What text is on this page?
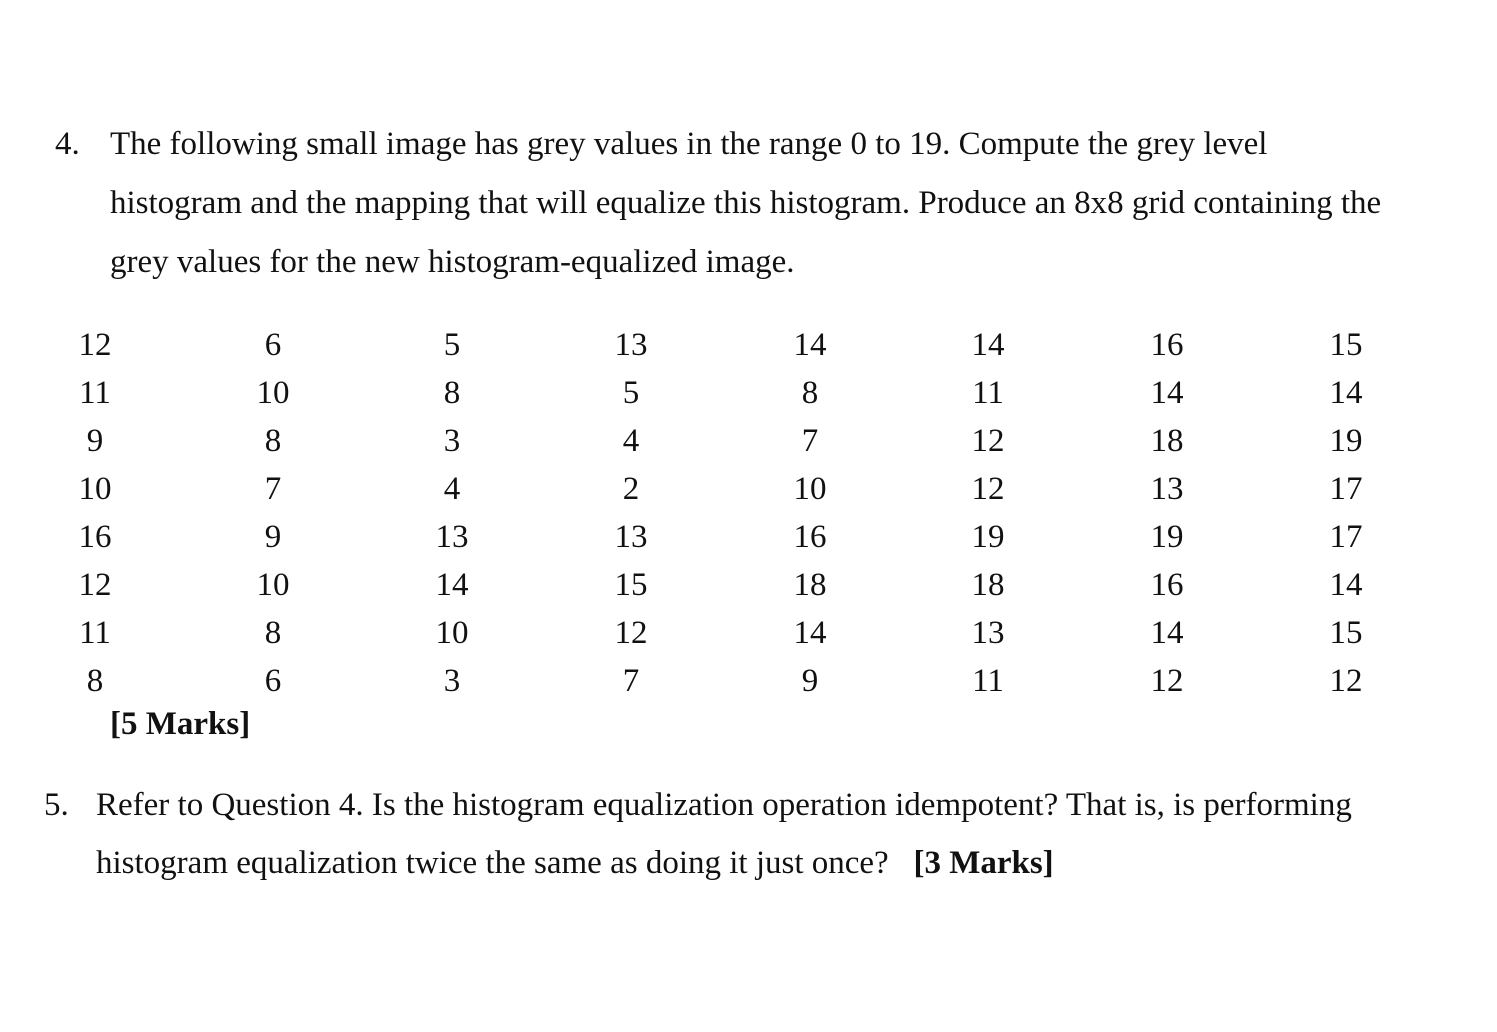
4. The following small image has grey values in the range 0 to 19. Compute the grey level
histogram and the mapping that will equalize this histogram. Produce an 8x8 grid containing the
grey values for the new histogram-equalized image.
12	6	5	13	14	14	16	15
11	10	8	5	8	11	14	14
9	8	3	4	7	12	18	19
10	7	4	2	10	12	13	17
16	9	13	13	16	19	19	17
12	10	14	15	18	18	16	14
11	8	10	12	14	13	14	15
8	6	3	7	9	11	12	12
[5 Marks]
5. Refer to Question 4. Is the histogram equalization operation idempotent? That is, is performing
histogram equalization twice the same as doing it just once? [3 Marks]
